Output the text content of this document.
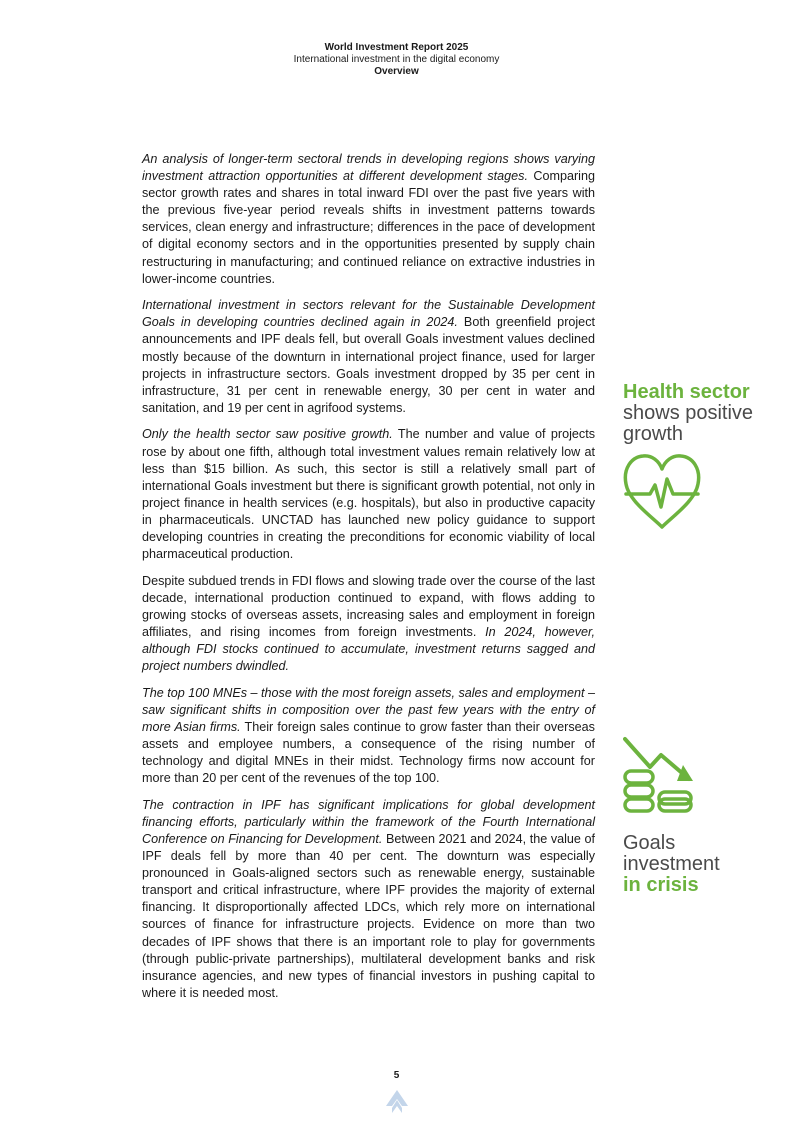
World Investment Report 2025
International investment in the digital economy
Overview

An analysis of longer-term sectoral trends in developing regions shows varying investment attraction opportunities at different development stages. Comparing sector growth rates and shares in total inward FDI over the past five years with the previous five-year period reveals shifts in investment patterns towards services, clean energy and infrastructure; differences in the pace of development of digital economy sectors and in the opportunities presented by supply chain restructuring in manufacturing; and continued reliance on extractive industries in lower-income countries.

International investment in sectors relevant for the Sustainable Development Goals in developing countries declined again in 2024. Both greenfield project announcements and IPF deals fell, but overall Goals investment values declined mostly because of the downturn in international project finance, used for larger projects in infrastructure sectors. Goals investment dropped by 35 per cent in infrastructure, 31 per cent in renewable energy, 30 per cent in water and sanitation, and 19 per cent in agrifood systems.

Only the health sector saw positive growth. The number and value of projects rose by about one fifth, although total investment values remain relatively low at less than $15 billion. As such, this sector is still a relatively small part of international Goals investment but there is significant growth potential, not only in project finance in health services (e.g. hospitals), but also in productive capacity in pharmaceuticals. UNCTAD has launched new policy guidance to support developing countries in creating the preconditions for economic viability of local pharmaceutical production.

Despite subdued trends in FDI flows and slowing trade over the course of the last decade, international production continued to expand, with flows adding to growing stocks of overseas assets, increasing sales and employment in foreign affiliates, and rising incomes from foreign investments. In 2024, however, although FDI stocks continued to accumulate, investment returns sagged and project numbers dwindled.

The top 100 MNEs – those with the most foreign assets, sales and employment – saw significant shifts in composition over the past few years with the entry of more Asian firms. Their foreign sales continue to grow faster than their overseas assets and employee numbers, a consequence of the rising number of technology and digital MNEs in their midst. Technology firms now account for more than 20 per cent of the revenues of the top 100.

The contraction in IPF has significant implications for global development financing efforts, particularly within the framework of the Fourth International Conference on Financing for Development. Between 2021 and 2024, the value of IPF deals fell by more than 40 per cent. The downturn was especially pronounced in Goals-aligned sectors such as renewable energy, sustainable transport and critical infrastructure, where IPF provides the majority of external financing. It disproportionally affected LDCs, which rely more on international sources of finance for infrastructure projects. Evidence on more than two decades of IPF shows that there is an important role to play for governments (through public-private partnerships), multilateral development banks and risk insurance agencies, and new types of financial investors in pushing capital to where it is needed most.

Health sector
shows positive
growth
Goals
investment
in crisis
5
